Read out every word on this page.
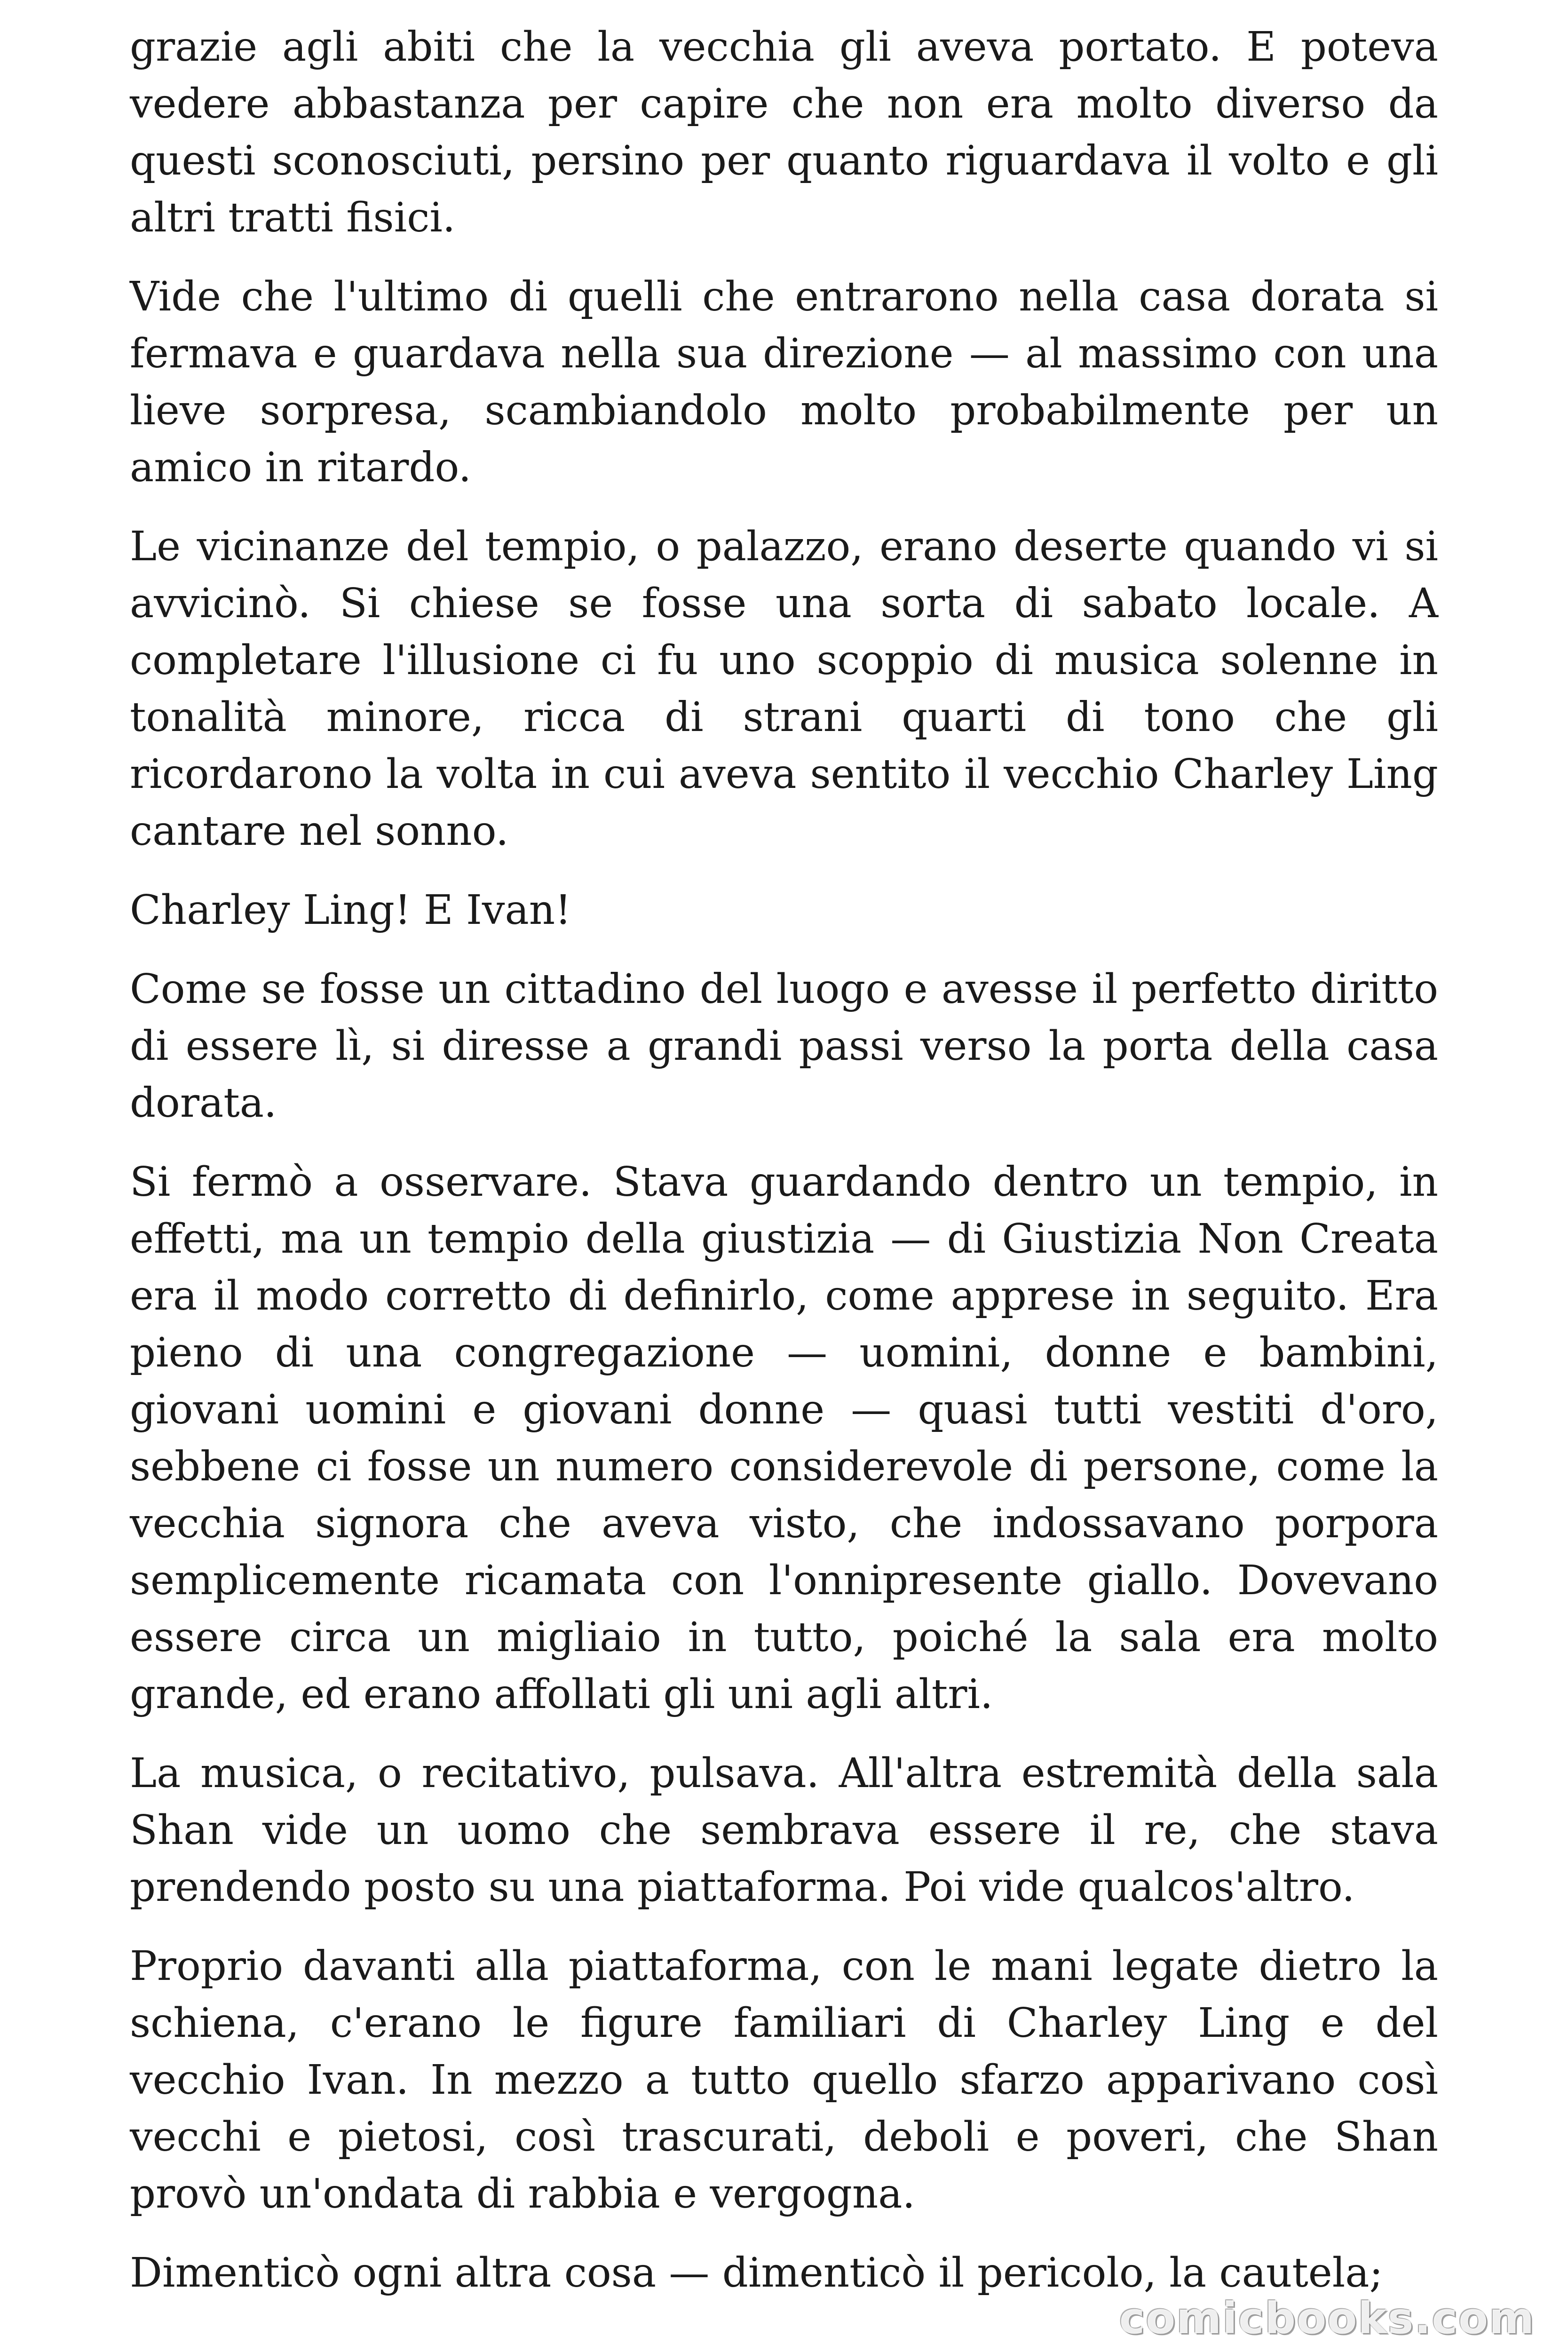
grazie agli abiti che la vecchia gli aveva portato. E poteva vedere abbastanza per capire che non era molto diverso da questi sconosciuti, persino per quanto riguardava il volto e gli altri tratti fisici.

Vide che l'ultimo di quelli che entrarono nella casa dorata si fermava e guardava nella sua direzione — al massimo con una lieve sorpresa, scambiandolo molto probabilmente per un amico in ritardo.

Le vicinanze del tempio, o palazzo, erano deserte quando vi si avvicinò. Si chiese se fosse una sorta di sabato locale. A completare l'illusione ci fu uno scoppio di musica solenne in tonalità minore, ricca di strani quarti di tono che gli ricordarono la volta in cui aveva sentito il vecchio Charley Ling cantare nel sonno.

Charley Ling! E Ivan!

Come se fosse un cittadino del luogo e avesse il perfetto diritto di essere lì, si diresse a grandi passi verso la porta della casa dorata.

Si fermò a osservare. Stava guardando dentro un tempio, in effetti, ma un tempio della giustizia — di Giustizia Non Creata era il modo corretto di definirlo, come apprese in seguito. Era pieno di una congregazione — uomini, donne e bambini, giovani uomini e giovani donne — quasi tutti vestiti d'oro, sebbene ci fosse un numero considerevole di persone, come la vecchia signora che aveva visto, che indossavano porpora semplicemente ricamata con l'onnipresente giallo. Dovevano essere circa un migliaio in tutto, poiché la sala era molto grande, ed erano affollati gli uni agli altri.

La musica, o recitativo, pulsava. All'altra estremità della sala Shan vide un uomo che sembrava essere il re, che stava prendendo posto su una piattaforma. Poi vide qualcos'altro.

Proprio davanti alla piattaforma, con le mani legate dietro la schiena, c'erano le figure familiari di Charley Ling e del vecchio Ivan. In mezzo a tutto quello sfarzo apparivano così vecchi e pietosi, così trascurati, deboli e poveri, che Shan provò un'ondata di rabbia e vergogna.

Dimenticò ogni altra cosa — dimenticò il pericolo, la cautela;

comicbooks.com
